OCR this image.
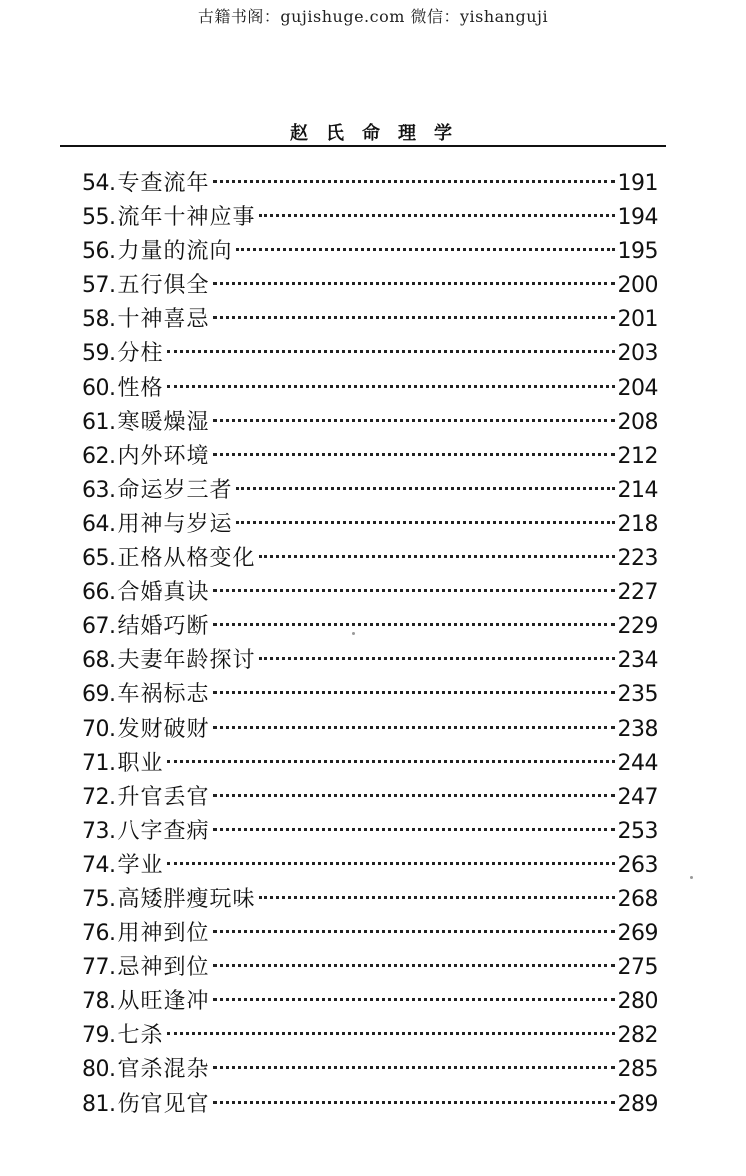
古籍书阁：gujishuge.com 微信：yishanguji
赵氏命理学
54. 专查流年	191
55. 流年十神应事	194
56. 力量的流向	195
57. 五行俱全	200
58. 十神喜忌	201
59. 分柱	203
60. 性格	204
61. 寒暖燥湿	208
62. 内外环境	212
63. 命运岁三者	214
64. 用神与岁运	218
65. 正格从格变化	223
66. 合婚真诀	227
67. 结婚巧断	229
68. 夫妻年龄探讨	234
69. 车祸标志	235
70. 发财破财	238
71. 职业	244
72. 升官丢官	247
73. 八字查病	253
74. 学业	263
75. 高矮胖瘦玩味	268
76. 用神到位	269
77. 忌神到位	275
78. 从旺逢冲	280
79. 七杀	282
80. 官杀混杂	285
81. 伤官见官	289
